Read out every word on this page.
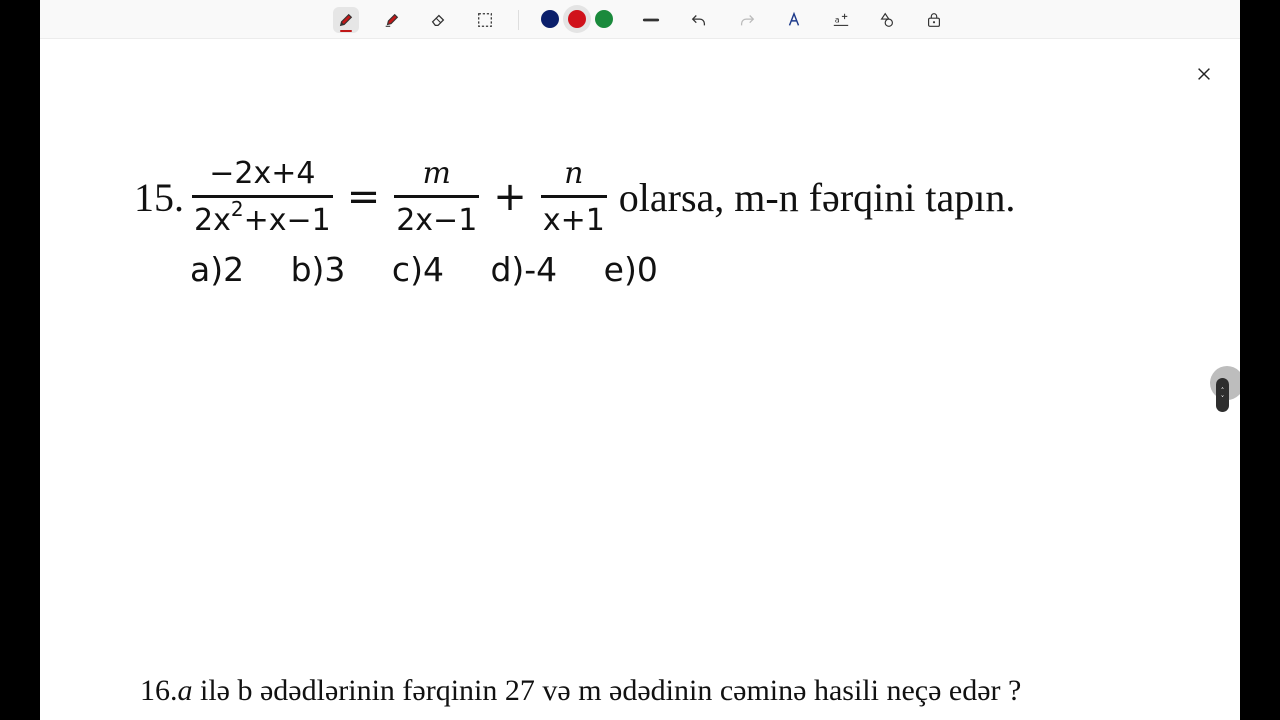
a
˄
˅
15. $\frac{-2x+4}{2x^2+x-1} = \frac{m}{2x-1} + \frac{n}{x+1}$ olarsa, m-n fərqini tapın.
a)2 b)3 c)4 d)-4 e)0
16.a ilə b ədədlərinin fərqinin 27 və m ədədinin cəminə hasili neçə edər ?
